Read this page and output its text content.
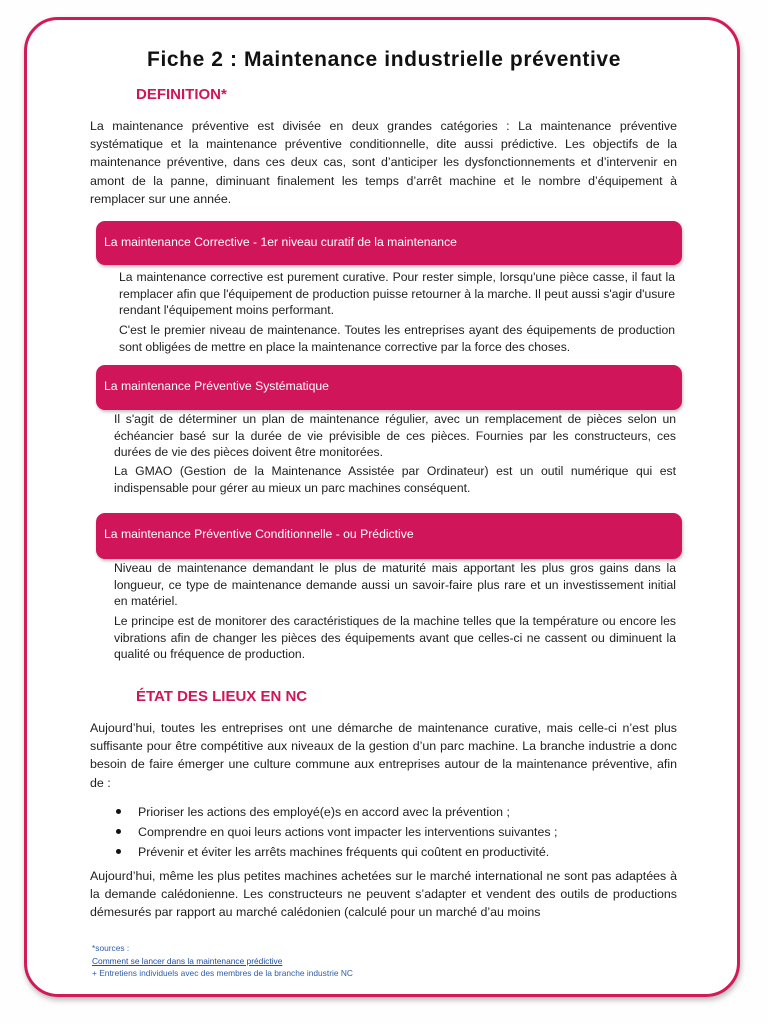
Fiche 2 : Maintenance industrielle préventive
DEFINITION*

La maintenance préventive est divisée en deux grandes catégories : La maintenance préventive systématique et la maintenance préventive conditionnelle, dite aussi prédictive. Les objectifs de la maintenance préventive, dans ces deux cas, sont d’anticiper les dysfonctionnements et d’intervenir en amont de la panne, diminuant finalement les temps d’arrêt machine et le nombre d’équipement à remplacer sur une année.

La maintenance Corrective - 1er niveau curatif de la maintenance

La maintenance corrective est purement curative. Pour rester simple, lorsqu'une pièce casse, il faut la remplacer afin que l'équipement de production puisse retourner à la marche. Il peut aussi s'agir d'usure rendant l'équipement moins performant.

C'est le premier niveau de maintenance. Toutes les entreprises ayant des équipements de production sont obligées de mettre en place la maintenance corrective par la force des choses.

La maintenance Préventive Systématique

Il s'agit de déterminer un plan de maintenance régulier, avec un remplacement de pièces selon un échéancier basé sur la durée de vie prévisible de ces pièces. Fournies par les constructeurs, ces durées de vie des pièces doivent être monitorées.

La GMAO (Gestion de la Maintenance Assistée par Ordinateur) est un outil numérique qui est indispensable pour gérer au mieux un parc machines conséquent.

La maintenance Préventive Conditionnelle - ou Prédictive

Niveau de maintenance demandant le plus de maturité mais apportant les plus gros gains dans la longueur, ce type de maintenance demande aussi un savoir-faire plus rare et un investissement initial en matériel.

Le principe est de monitorer des caractéristiques de la machine telles que la température ou encore les vibrations afin de changer les pièces des équipements avant que celles-ci ne cassent ou diminuent la qualité ou fréquence de production.

ÉTAT DES LIEUX EN NC

Aujourd’hui, toutes les entreprises ont une démarche de maintenance curative, mais celle-ci n’est plus suffisante pour être compétitive aux niveaux de la gestion d’un parc machine. La branche industrie a donc besoin de faire émerger une culture commune aux entreprises autour de la maintenance préventive, afin de :

Prioriser les actions des employé(e)s en accord avec la prévention ;
Comprendre en quoi leurs actions vont impacter les interventions suivantes ;
Prévenir et éviter les arrêts machines fréquents qui coûtent en productivité.

Aujourd’hui, même les plus petites machines achetées sur le marché international ne sont pas adaptées à la demande calédonienne. Les constructeurs ne peuvent s’adapter et vendent des outils de productions démesurés par rapport au marché calédonien (calculé pour un marché d’au moins

*sources :
Comment se lancer dans la maintenance prédictive
+ Entretiens individuels avec des membres de la branche industrie NC
